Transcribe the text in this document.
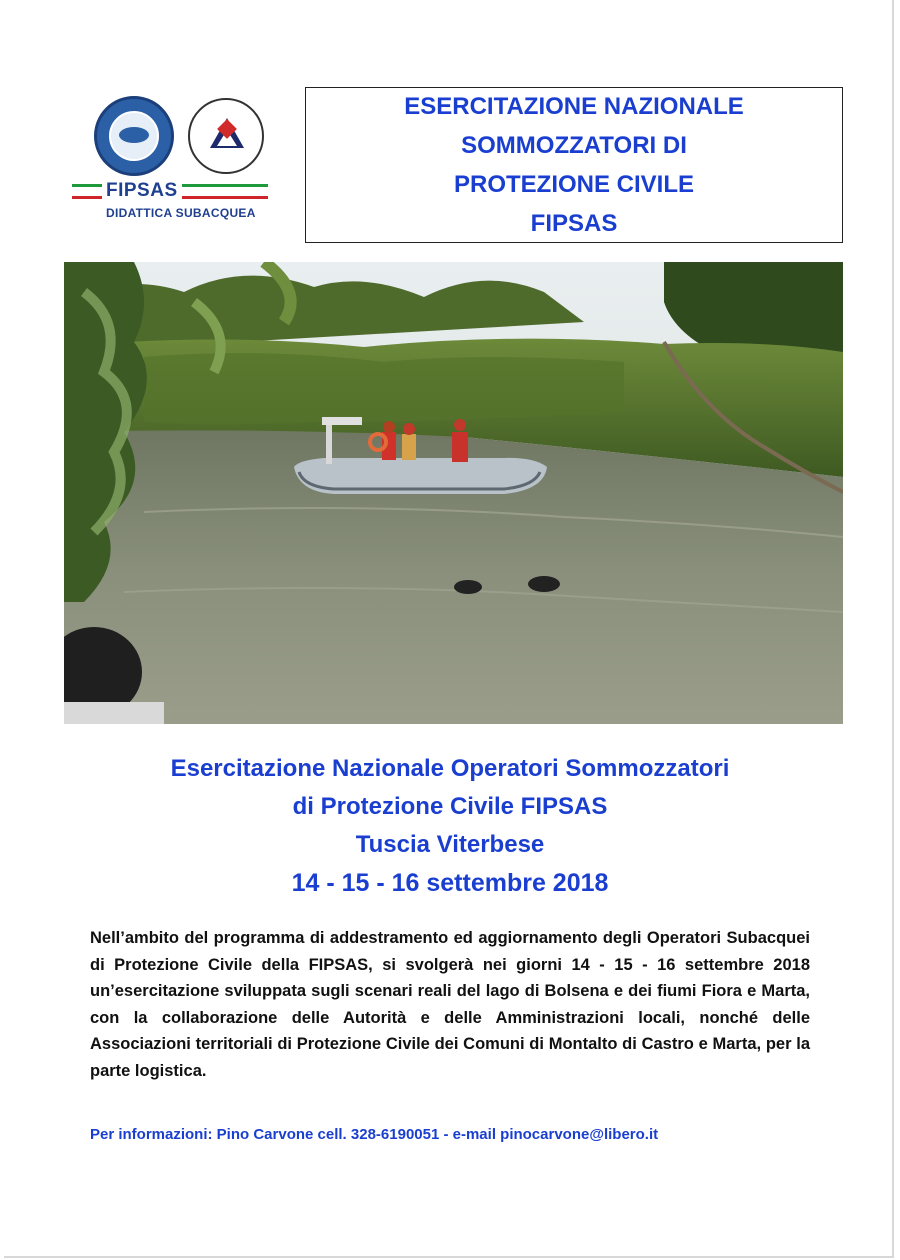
FIPSAS
DIDATTICA SUBACQUEA
ESERCITAZIONE NAZIONALE
SOMMOZZATORI DI
PROTEZIONE CIVILE
FIPSAS
Esercitazione Nazionale Operatori Sommozzatori
di Protezione Civile FIPSAS
Tuscia Viterbese
14 - 15 - 16 settembre 2018
Nell’ambito del programma di addestramento ed aggiornamento degli Operatori Subacquei di Protezione Civile della FIPSAS, si svolgerà nei giorni 14 - 15 - 16 settembre 2018 un’esercitazione sviluppata sugli scenari reali del lago di Bolsena e dei fiumi Fiora e Marta, con la collaborazione delle Autorità e delle Amministrazioni locali, nonché delle Associazioni territoriali di Protezione Civile dei Comuni di Montalto di Castro e Marta, per la parte logistica.
Per informazioni: Pino Carvone cell. 328-6190051 - e-mail pinocarvone@libero.it
